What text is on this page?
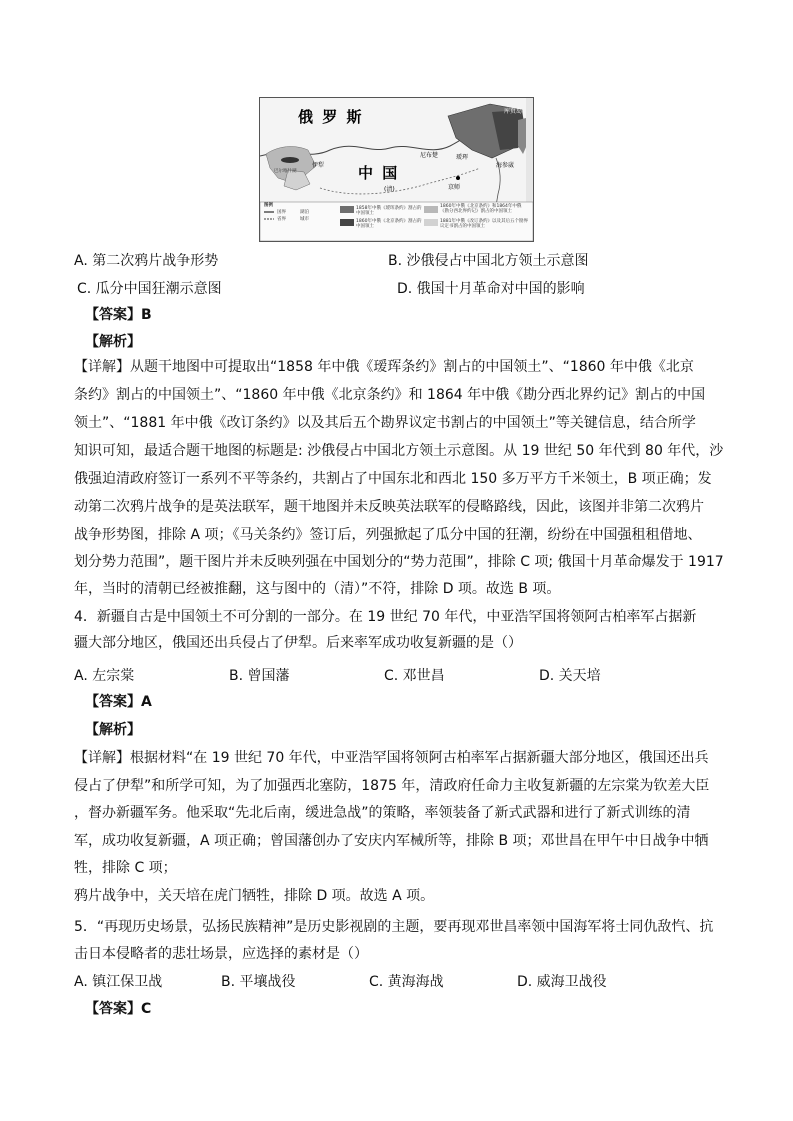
俄 罗 斯
中 国
(清)	京师
尼布楚	瑷珲
库页岛
海参崴
伊犁
巴尔喀什湖
图例
国界
省界
湖泊
城市
1858年中俄《瑷珲条约》割占的中国领土
1860年中俄《北京条约》割占的中国领土
1860年中俄《北京条约》和1864年中俄《勘分西北界约记》割占的中国领土
1881年中俄《改订条约》以及其后五个勘界议定书割占的中国领土
A. 第二次鸦片战争形势	B. 沙俄侵占中国北方领土示意图
C. 瓜分中国狂潮示意图	D. 俄国十月革命对中国的影响
【答案】B
【解析】
【详解】从题干地图中可提取出“1858 年中俄《瑷珲条约》割占的中国领土”、“1860 年中俄《北京
条约》割占的中国领土”、“1860 年中俄《北京条约》和 1864 年中俄《勘分西北界约记》割占的中国
领土”、“1881 年中俄《改订条约》以及其后五个勘界议定书割占的中国领土”等关键信息，结合所学
知识可知，最适合题干地图的标题是: 沙俄侵占中国北方领土示意图。从 19 世纪 50 年代到 80 年代，沙
俄强迫清政府签订一系列不平等条约，共割占了中国东北和西北 150 多万平方千米领土，B 项正确；发
动第二次鸦片战争的是英法联军，题干地图并未反映英法联军的侵略路线，因此，该图并非第二次鸦片
战争形势图，排除 A 项；《马关条约》签订后，列强掀起了瓜分中国的狂潮，纷纷在中国强租租借地、
划分势力范围”，题干图片并未反映列强在中国划分的“势力范围”，排除 C 项; 俄国十月革命爆发于 1917
年，当时的清朝已经被推翻，这与图中的（清）”不符，排除 D 项。故选 B 项。
4．新疆自古是中国领土不可分割的一部分。在 19 世纪 70 年代，中亚浩罕国将领阿古柏率军占据新
疆大部分地区，俄国还出兵侵占了伊犁。后来率军成功收复新疆的是（）
A. 左宗棠	B. 曾国藩	C. 邓世昌	D. 关天培
【答案】A
【解析】
【详解】根据材料“在 19 世纪 70 年代，中亚浩罕国将领阿古柏率军占据新疆大部分地区，俄国还出兵
侵占了伊犁”和所学可知，为了加强西北塞防，1875 年，清政府任命力主收复新疆的左宗棠为钦差大臣
，督办新疆军务。他采取“先北后南，缓进急战”的策略，率领装备了新式武器和进行了新式训练的清
军，成功收复新疆，A 项正确；曾国藩创办了安庆内军械所等，排除 B 项；邓世昌在甲午中日战争中牺
牲，排除 C 项；
鸦片战争中，关天培在虎门牺牲，排除 D 项。故选 A 项。
5．“再现历史场景，弘扬民族精神”是历史影视剧的主题，要再现邓世昌率领中国海军将士同仇敌忾、抗
击日本侵略者的悲壮场景，应选择的素材是（）
A. 镇江保卫战	B. 平壤战役	C. 黄海海战	D. 威海卫战役
【答案】C
